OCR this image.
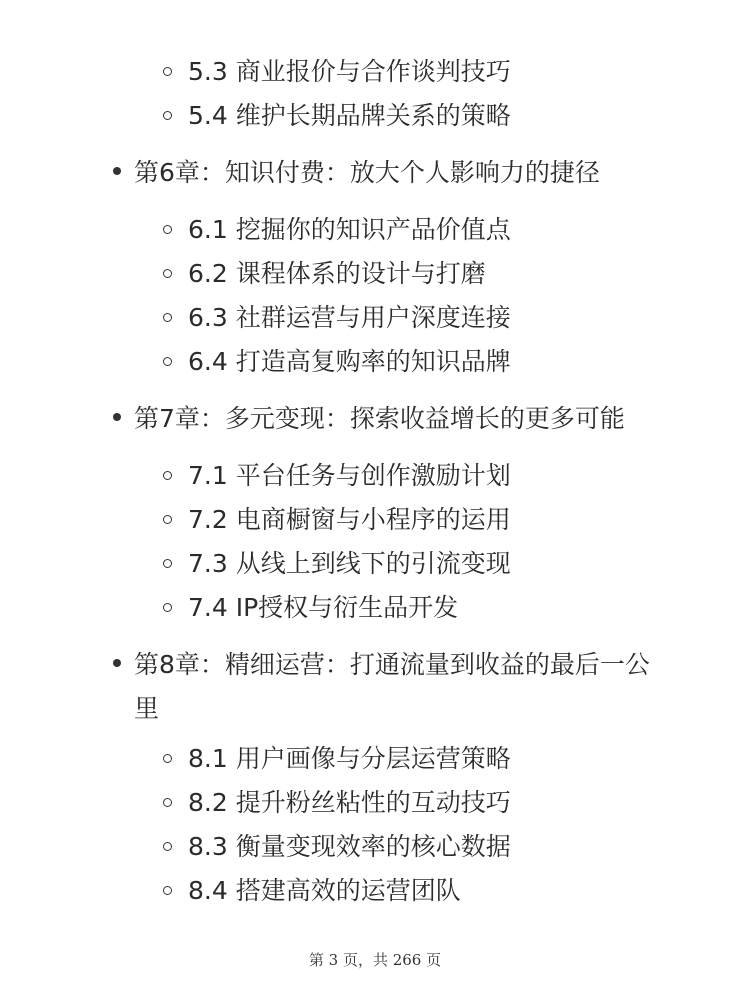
5.3 商业报价与合作谈判技巧
5.4 维护长期品牌关系的策略
第6章：知识付费：放大个人影响力的捷径
6.1 挖掘你的知识产品价值点
6.2 课程体系的设计与打磨
6.3 社群运营与用户深度连接
6.4 打造高复购率的知识品牌
第7章：多元变现：探索收益增长的更多可能
7.1 平台任务与创作激励计划
7.2 电商橱窗与小程序的运用
7.3 从线上到线下的引流变现
7.4 IP授权与衍生品开发
第8章：精细运营：打通流量到收益的最后一公里
8.1 用户画像与分层运营策略
8.2 提升粉丝粘性的互动技巧
8.3 衡量变现效率的核心数据
8.4 搭建高效的运营团队
第 3 页，共 266 页
